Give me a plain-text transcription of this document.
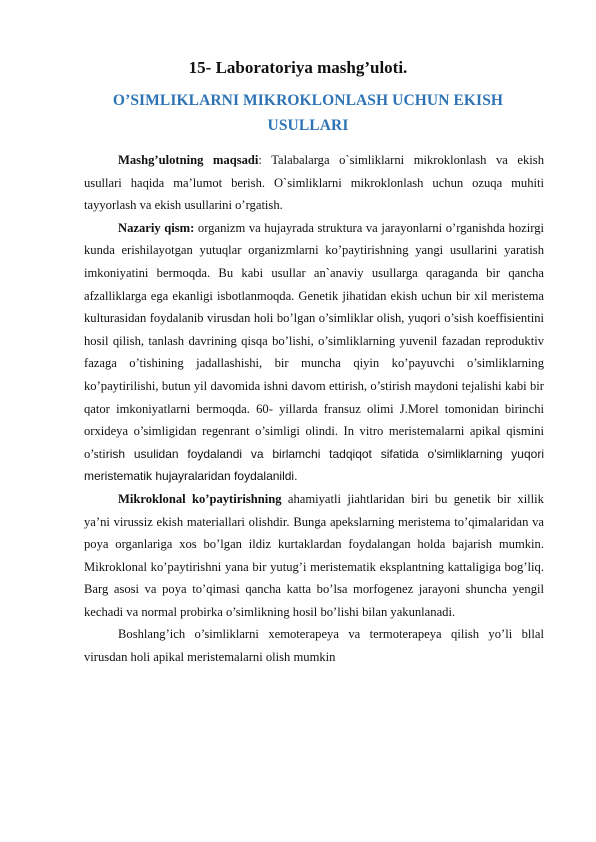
15- Laboratoriya mashg’uloti.
O’SIMLIKLARNI MIKROKLONLASH UCHUN EKISH USULLARI

Mashg’ulotning maqsadi: Talabalarga o`simliklarni mikroklonlash va ekish usullari haqida ma’lumot berish. O`simliklarni mikroklonlash uchun ozuqa muhiti tayyorlash va ekish usullarini o’rgatish.

Nazariy qism: organizm va hujayrada struktura va jarayonlarni o’rganishda hozirgi kunda erishilayotgan yutuqlar organizmlarni ko’paytirishning yangi usullarini yaratish imkoniyatini bermoqda. Bu kabi usullar an`anaviy usullarga qaraganda bir qancha afzalliklarga ega ekanligi isbotlanmoqda. Genetik jihatidan ekish uchun bir xil meristema kulturasidan foydalanib virusdan holi bo’lgan o’simliklar olish, yuqori o’sish koeffisientini hosil qilish, tanlash davrining qisqa bo’lishi, o’simliklarning yuvenil fazadan reproduktiv fazaga o’tishining jadallashishi, bir muncha qiyin ko’payuvchi o’simliklarning ko’paytirilishi, butun yil davomida ishni davom ettirish, o’stirish maydoni tejalishi kabi bir qator imkoniyatlarni bermoqda. 60- yillarda fransuz olimi J.Morel tomonidan birinchi orxideya o’simligidan regenrant o’simligi olindi. In vitro meristemalarni apikal qismini o’stirish usulidan foydalandi va birlamchi tadqiqot sifatida o'simliklarning yuqori meristematik hujayralaridan foydalanildi.

Mikroklonal ko’paytirishning ahamiyatli jiahtlaridan biri bu genetik bir xillik ya’ni virussiz ekish materiallari olishdir. Bunga apekslarning meristema to’qimalaridan va poya organlariga xos bo’lgan ildiz kurtaklardan foydalangan holda bajarish mumkin. Mikroklonal ko’paytirishni yana bir yutug’i meristematik eksplantning kattaligiga bog’liq. Barg asosi va poya to’qimasi qancha katta bo’lsa morfogenez jarayoni shuncha yengil kechadi va normal probirka o’simlikning hosil bo’lishi bilan yakunlanadi.

Boshlang’ich o’simliklarni xemoterapeya va termoterapeya qilish yo’li bllal virusdan holi apikal meristemalarni olish mumkin
